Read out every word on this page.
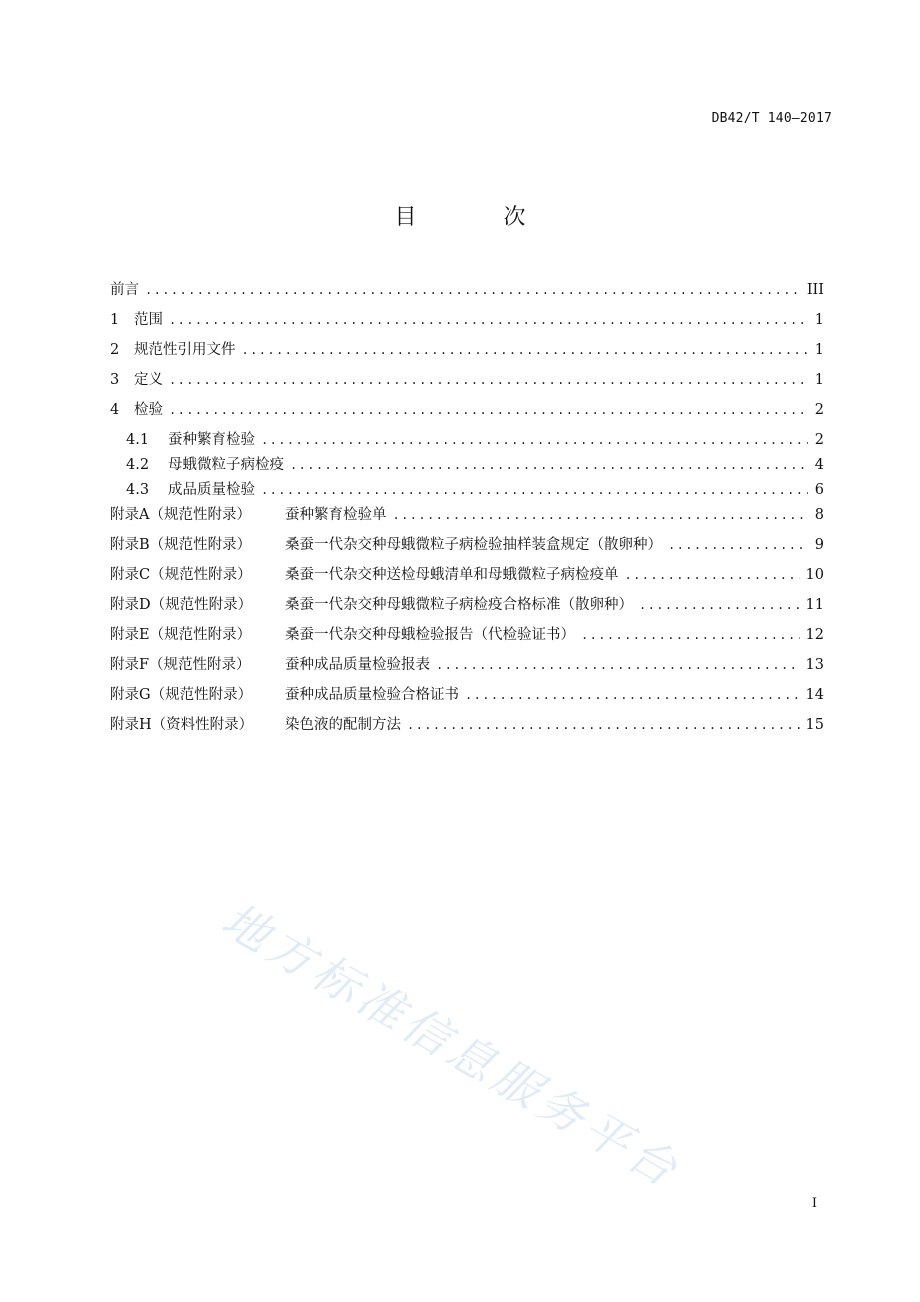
DB42/T 140—2017
目 次
前言 .....	III
1	范围 .....	1
2	规范性引用文件 .....	1
3	定义 .....	1
4	检验 .....	2
4.1	蚕种繁育检验 .....	2
4.2	母蛾微粒子病检疫 .....	4
4.3	成品质量检验 .....	6
附录A（规范性附录）	蚕种繁育检验单 .....	8
附录B（规范性附录）	桑蚕一代杂交种母蛾微粒子病检验抽样装盒规定（散卵种） .....	9
附录C（规范性附录）	桑蚕一代杂交种送检母蛾清单和母蛾微粒子病检疫单 .....	10
附录D（规范性附录）	桑蚕一代杂交种母蛾微粒子病检疫合格标准（散卵种） .....	11
附录E（规范性附录）	桑蚕一代杂交种母蛾检验报告（代检验证书） .....	12
附录F（规范性附录）	蚕种成品质量检验报表 .....	13
附录G（规范性附录）	蚕种成品质量检验合格证书 .....	14
附录H（资料性附录）	染色液的配制方法 .....	15
地方标准信息服务平台
I
